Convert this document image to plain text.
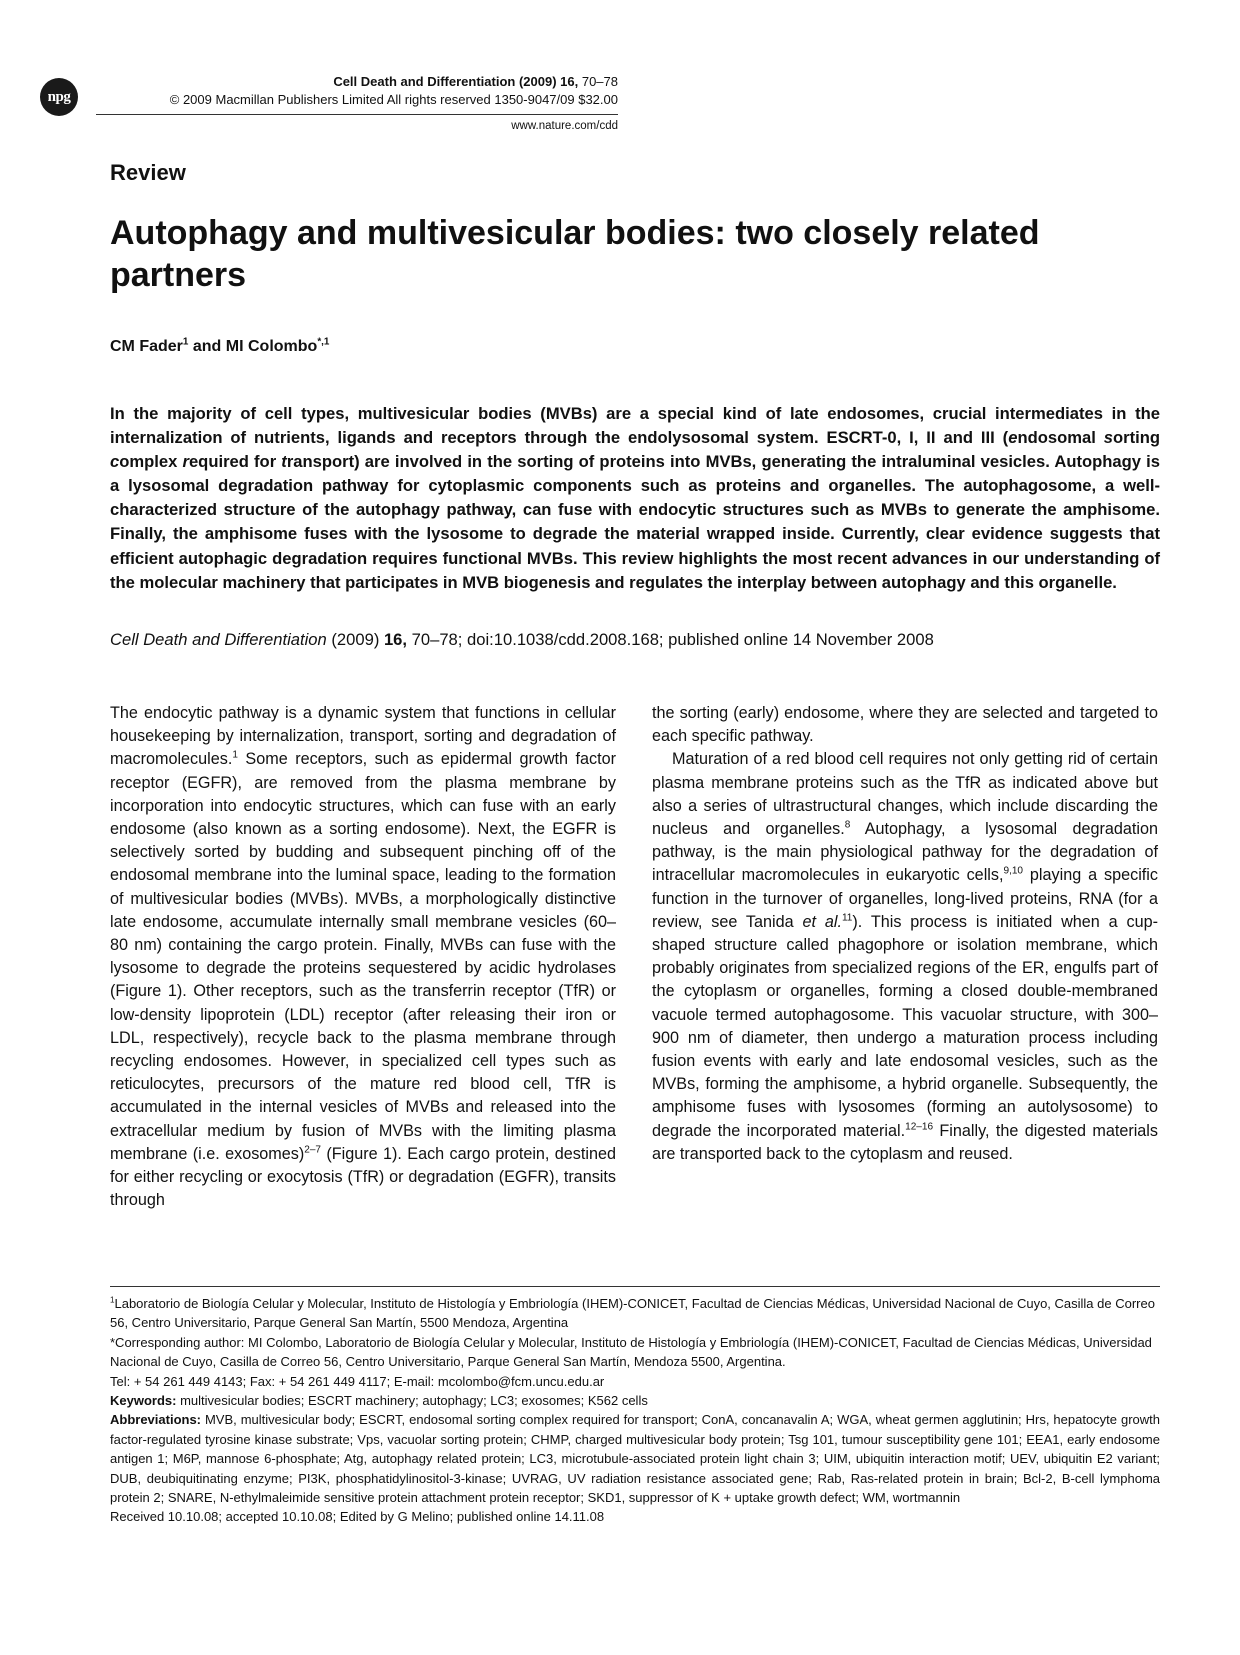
npg
Cell Death and Differentiation (2009) 16, 70–78
© 2009 Macmillan Publishers Limited All rights reserved 1350-9047/09 $32.00
www.nature.com/cdd
Review
Autophagy and multivesicular bodies: two closely related partners
CM Fader$^1$ and MI Colombo$^{*,1}$
In the majority of cell types, multivesicular bodies (MVBs) are a special kind of late endosomes, crucial intermediates in the internalization of nutrients, ligands and receptors through the endolysosomal system. ESCRT-0, I, II and III (endosomal sorting complex required for transport) are involved in the sorting of proteins into MVBs, generating the intraluminal vesicles. Autophagy is a lysosomal degradation pathway for cytoplasmic components such as proteins and organelles. The autophagosome, a well-characterized structure of the autophagy pathway, can fuse with endocytic structures such as MVBs to generate the amphisome. Finally, the amphisome fuses with the lysosome to degrade the material wrapped inside. Currently, clear evidence suggests that efficient autophagic degradation requires functional MVBs. This review highlights the most recent advances in our understanding of the molecular machinery that participates in MVB biogenesis and regulates the interplay between autophagy and this organelle.
Cell Death and Differentiation (2009) 16, 70–78; doi:10.1038/cdd.2008.168; published online 14 November 2008

The endocytic pathway is a dynamic system that functions in cellular housekeeping by internalization, transport, sorting and degradation of macromolecules.$^1$ Some receptors, such as epidermal growth factor receptor (EGFR), are removed from the plasma membrane by incorporation into endocytic structures, which can fuse with an early endosome (also known as a sorting endosome). Next, the EGFR is selectively sorted by budding and subsequent pinching off of the endosomal membrane into the luminal space, leading to the formation of multivesicular bodies (MVBs). MVBs, a morphologically distinctive late endosome, accumulate internally small membrane vesicles (60–80 nm) containing the cargo protein. Finally, MVBs can fuse with the lysosome to degrade the proteins sequestered by acidic hydrolases (Figure 1). Other receptors, such as the transferrin receptor (TfR) or low-density lipoprotein (LDL) receptor (after releasing their iron or LDL, respectively), recycle back to the plasma membrane through recycling endosomes. However, in specialized cell types such as reticulocytes, precursors of the mature red blood cell, TfR is accumulated in the internal vesicles of MVBs and released into the extracellular medium by fusion of MVBs with the limiting plasma membrane (i.e. exosomes)$^{2-7}$ (Figure 1). Each cargo protein, destined for either recycling or exocytosis (TfR) or degradation (EGFR), transits through

the sorting (early) endosome, where they are selected and targeted to each specific pathway.

Maturation of a red blood cell requires not only getting rid of certain plasma membrane proteins such as the TfR as indicated above but also a series of ultrastructural changes, which include discarding the nucleus and organelles.$^8$ Autophagy, a lysosomal degradation pathway, is the main physiological pathway for the degradation of intracellular macromolecules in eukaryotic cells,$^{9,10}$ playing a specific function in the turnover of organelles, long-lived proteins, RNA (for a review, see Tanida et al.$^{11}$). This process is initiated when a cup-shaped structure called phagophore or isolation membrane, which probably originates from specialized regions of the ER, engulfs part of the cytoplasm or organelles, forming a closed double-membraned vacuole termed autophagosome. This vacuolar structure, with 300–900 nm of diameter, then undergo a maturation process including fusion events with early and late endosomal vesicles, such as the MVBs, forming the amphisome, a hybrid organelle. Subsequently, the amphisome fuses with lysosomes (forming an autolysosome) to degrade the incorporated material.$^{12-16}$ Finally, the digested materials are transported back to the cytoplasm and reused.

$^1$Laboratorio de Biología Celular y Molecular, Instituto de Histología y Embriología (IHEM)-CONICET, Facultad de Ciencias Médicas, Universidad Nacional de Cuyo, Casilla de Correo 56, Centro Universitario, Parque General San Martín, 5500 Mendoza, Argentina

*Corresponding author: MI Colombo, Laboratorio de Biología Celular y Molecular, Instituto de Histología y Embriología (IHEM)-CONICET, Facultad de Ciencias Médicas, Universidad Nacional de Cuyo, Casilla de Correo 56, Centro Universitario, Parque General San Martín, Mendoza 5500, Argentina.

Tel: + 54 261 449 4143; Fax: + 54 261 449 4117; E-mail: mcolombo@fcm.uncu.edu.ar

Keywords: multivesicular bodies; ESCRT machinery; autophagy; LC3; exosomes; K562 cells

Abbreviations: MVB, multivesicular body; ESCRT, endosomal sorting complex required for transport; ConA, concanavalin A; WGA, wheat germen agglutinin; Hrs, hepatocyte growth factor-regulated tyrosine kinase substrate; Vps, vacuolar sorting protein; CHMP, charged multivesicular body protein; Tsg 101, tumour susceptibility gene 101; EEA1, early endosome antigen 1; M6P, mannose 6-phosphate; Atg, autophagy related protein; LC3, microtubule-associated protein light chain 3; UIM, ubiquitin interaction motif; UEV, ubiquitin E2 variant; DUB, deubiquitinating enzyme; PI3K, phosphatidylinositol-3-kinase; UVRAG, UV radiation resistance associated gene; Rab, Ras-related protein in brain; Bcl-2, B-cell lymphoma protein 2; SNARE, N-ethylmaleimide sensitive protein attachment protein receptor; SKD1, suppressor of K + uptake growth defect; WM, wortmannin

Received 10.10.08; accepted 10.10.08; Edited by G Melino; published online 14.11.08
